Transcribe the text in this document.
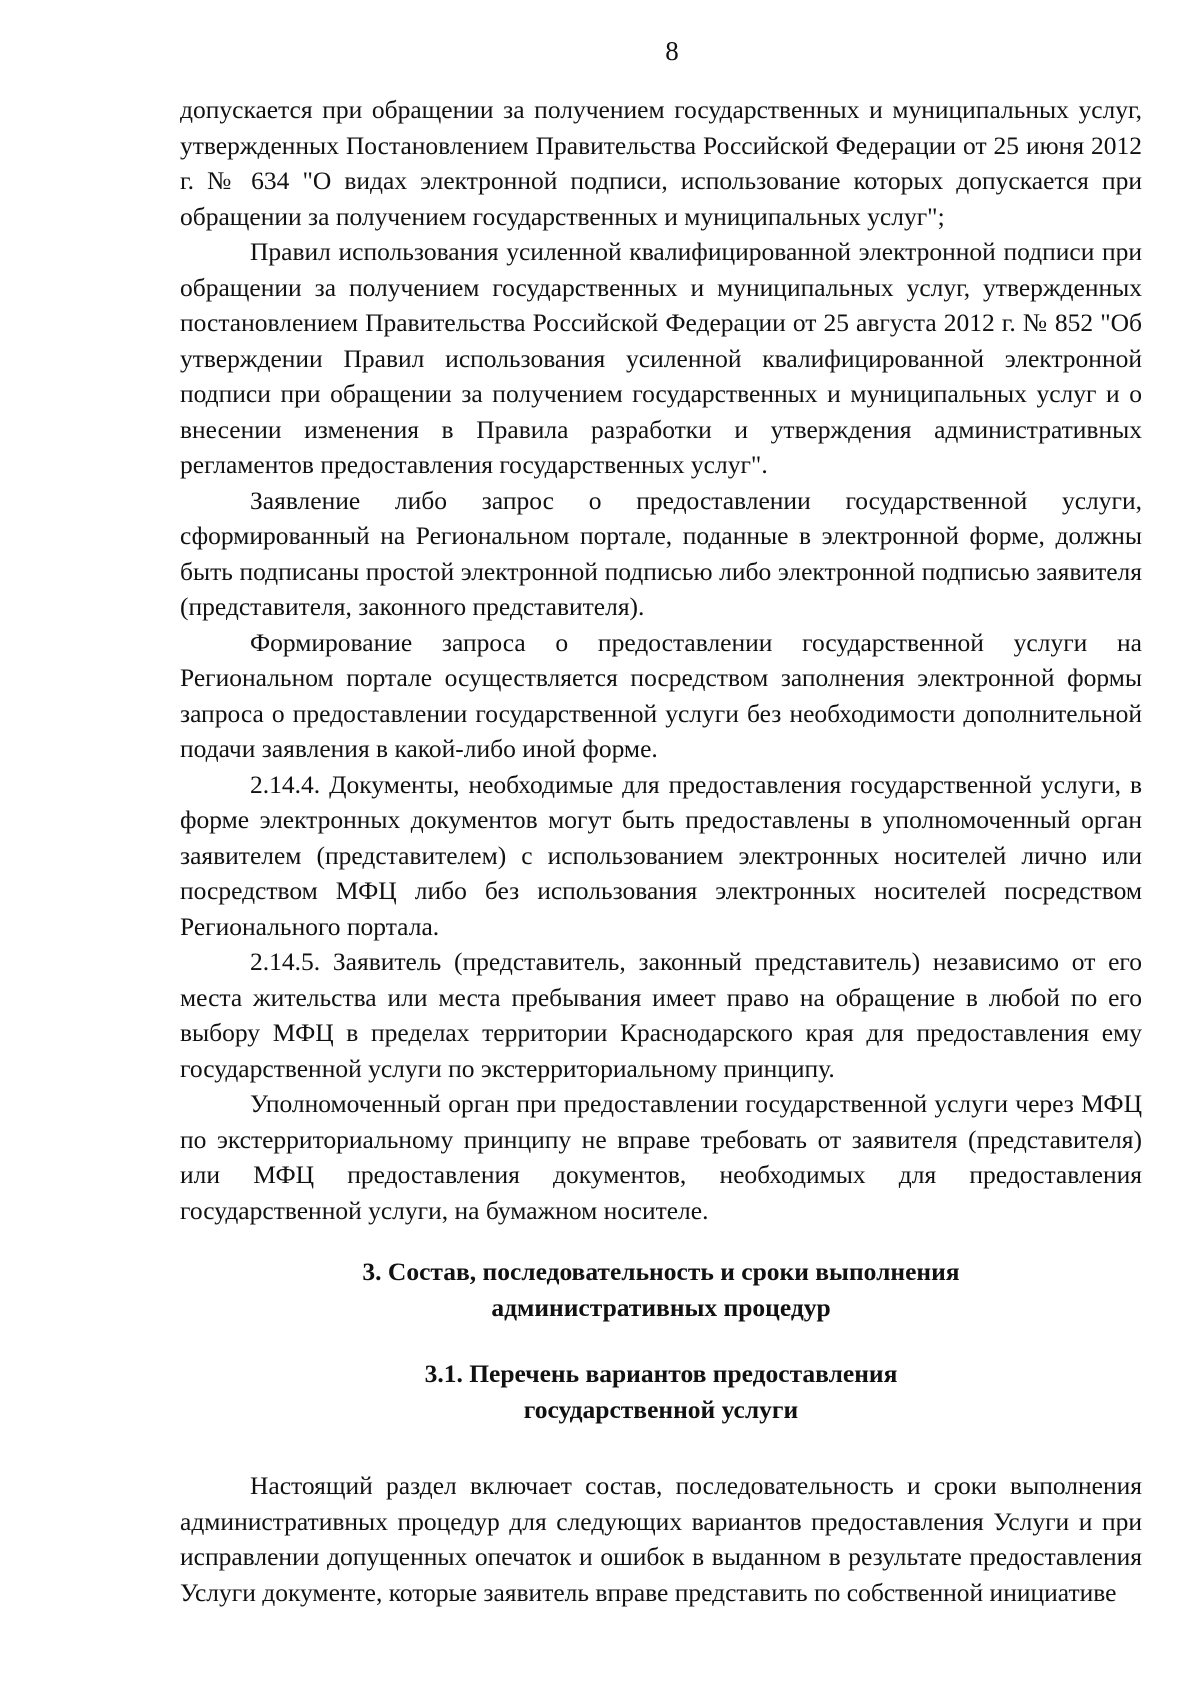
8

допускается при обращении за получением государственных и муниципальных услуг, утвержденных Постановлением Правительства Российской Федерации от 25 июня 2012 г. № 634 "О видах электронной подписи, использование которых допускается при обращении за получением государственных и муниципальных услуг";

Правил использования усиленной квалифицированной электронной подписи при обращении за получением государственных и муниципальных услуг, утвержденных постановлением Правительства Российской Федерации от 25 августа 2012 г. № 852 "Об утверждении Правил использования усиленной квалифицированной электронной подписи при обращении за получением государственных и муниципальных услуг и о внесении изменения в Правила разработки и утверждения административных регламентов предоставления государственных услуг".

Заявление либо запрос о предоставлении государственной услуги, сформированный на Региональном портале, поданные в электронной форме, должны быть подписаны простой электронной подписью либо электронной подписью заявителя (представителя, законного представителя).

Формирование запроса о предоставлении государственной услуги на Региональном портале осуществляется посредством заполнения электронной формы запроса о предоставлении государственной услуги без необходимости дополнительной подачи заявления в какой-либо иной форме.

2.14.4. Документы, необходимые для предоставления государственной услуги, в форме электронных документов могут быть предоставлены в уполномоченный орган заявителем (представителем) с использованием электронных носителей лично или посредством МФЦ либо без использования электронных носителей посредством Регионального портала.

2.14.5. Заявитель (представитель, законный представитель) независимо от его места жительства или места пребывания имеет право на обращение в любой по его выбору МФЦ в пределах территории Краснодарского края для предоставления ему государственной услуги по экстерриториальному принципу.

Уполномоченный орган при предоставлении государственной услуги через МФЦ по экстерриториальному принципу не вправе требовать от заявителя (представителя) или МФЦ предоставления документов, необходимых для предоставления государственной услуги, на бумажном носителе.

3. Состав, последовательность и сроки выполнения

административных процедур

3.1. Перечень вариантов предоставления

государственной услуги

Настоящий раздел включает состав, последовательность и сроки выполнения административных процедур для следующих вариантов предоставления Услуги и при исправлении допущенных опечаток и ошибок в выданном в результате предоставления Услуги документе, которые заявитель вправе представить по собственной инициативе
